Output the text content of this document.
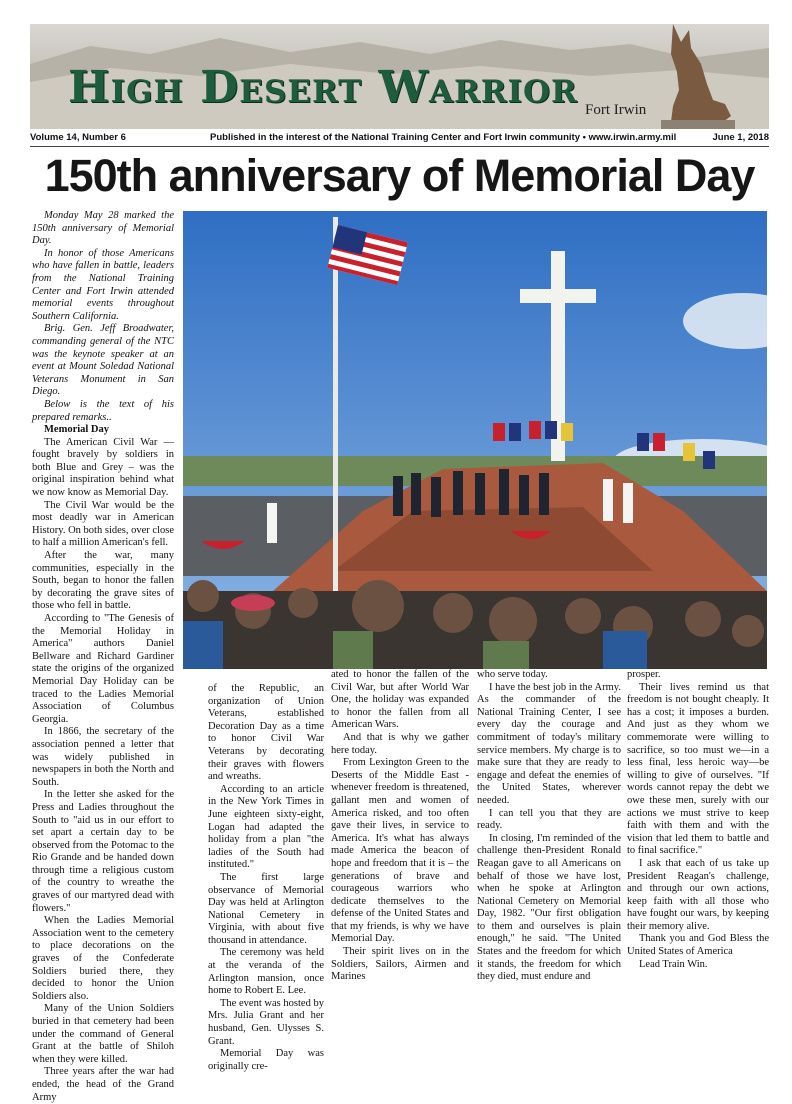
High Desert Warrior Fort Irwin
Volume 14, Number 6	Published in the interest of the National Training Center and Fort Irwin community • www.irwin.army.mil	June 1, 2018
150th anniversary of Memorial Day

Monday May 28 marked the 150th anniversary of Memorial Day.

In honor of those Americans who have fallen in battle, leaders from the National Training Center and Fort Irwin attended memorial events throughout Southern California.

Brig. Gen. Jeff Broadwater, commanding general of the NTC was the keynote speaker at an event at Mount Soledad National Veterans Monument in San Diego.

Below is the text of his prepared remarks..

Memorial Day

The American Civil War — fought bravely by soldiers in both Blue and Grey – was the original inspiration behind what we now know as Memorial Day.

The Civil War would be the most deadly war in American History. On both sides, over close to half a million American's fell.

After the war, many communities, especially in the South, began to honor the fallen by decorating the grave sites of those who fell in battle.

According to "The Genesis of the Memorial Holiday in America" authors Daniel Bellware and Richard Gardiner state the origins of the organized Memorial Day Holiday can be traced to the Ladies Memorial Association of Columbus Georgia.

In 1866, the secretary of the association penned a letter that was widely published in newspapers in both the North and South.

In the letter she asked for the Press and Ladies throughout the South to "aid us in our effort to set apart a certain day to be observed from the Potomac to the Rio Grande and be handed down through time a religious custom of the country to wreathe the graves of our martyred dead with flowers."

When the Ladies Memorial Association went to the cemetery to place decorations on the graves of the Confederate Soldiers buried there, they decided to honor the Union Soldiers also.

Many of the Union Soldiers buried in that cemetery had been under the command of General Grant at the battle of Shiloh when they were killed.

Three years after the war had ended, the head of the Grand Army

of the Republic, an organization of Union Veterans, established Decoration Day as a time to honor Civil War Veterans by decorating their graves with flowers and wreaths.

According to an article in the New York Times in June eighteen sixty-eight, Logan had adapted the holiday from a plan "the ladies of the South had instituted."

The first large observance of Memorial Day was held at Arlington National Cemetery in Virginia, with about five thousand in attendance.

The ceremony was held at the veranda of the Arlington mansion, once home to Robert E. Lee.

The event was hosted by Mrs. Julia Grant and her husband, Gen. Ulysses S. Grant.

Memorial Day was originally cre-

ated to honor the fallen of the Civil War, but after World War One, the holiday was expanded to honor the fallen from all American Wars.

And that is why we gather here today.

From Lexington Green to the Deserts of the Middle East - whenever freedom is threatened, gallant men and women of America risked, and too often gave their lives, in service to America. It's what has always made America the beacon of hope and freedom that it is – the generations of brave and courageous warriors who dedicate themselves to the defense of the United States and that my friends, is why we have Memorial Day.

Their spirit lives on in the Soldiers, Sailors, Airmen and Marines

who serve today.

I have the best job in the Army. As the commander of the National Training Center, I see every day the courage and commitment of today's military service members. My charge is to make sure that they are ready to engage and defeat the enemies of the United States, wherever needed.

I can tell you that they are ready.

In closing, I'm reminded of the challenge then-President Ronald Reagan gave to all Americans on behalf of those we have lost, when he spoke at Arlington National Cemetery on Memorial Day, 1982. "Our first obligation to them and ourselves is plain enough," he said. "The United States and the freedom for which it stands, the freedom for which they died, must endure and

prosper.

Their lives remind us that freedom is not bought cheaply. It has a cost; it imposes a burden. And just as they whom we commemorate were willing to sacrifice, so too must we—in a less final, less heroic way—be willing to give of ourselves. "If words cannot repay the debt we owe these men, surely with our actions we must strive to keep faith with them and with the vision that led them to battle and to final sacrifice."

I ask that each of us take up President Reagan's challenge, and through our own actions, keep faith with all those who have fought our wars, by keeping their memory alive.

Thank you and God Bless the United States of America

Lead Train Win.
